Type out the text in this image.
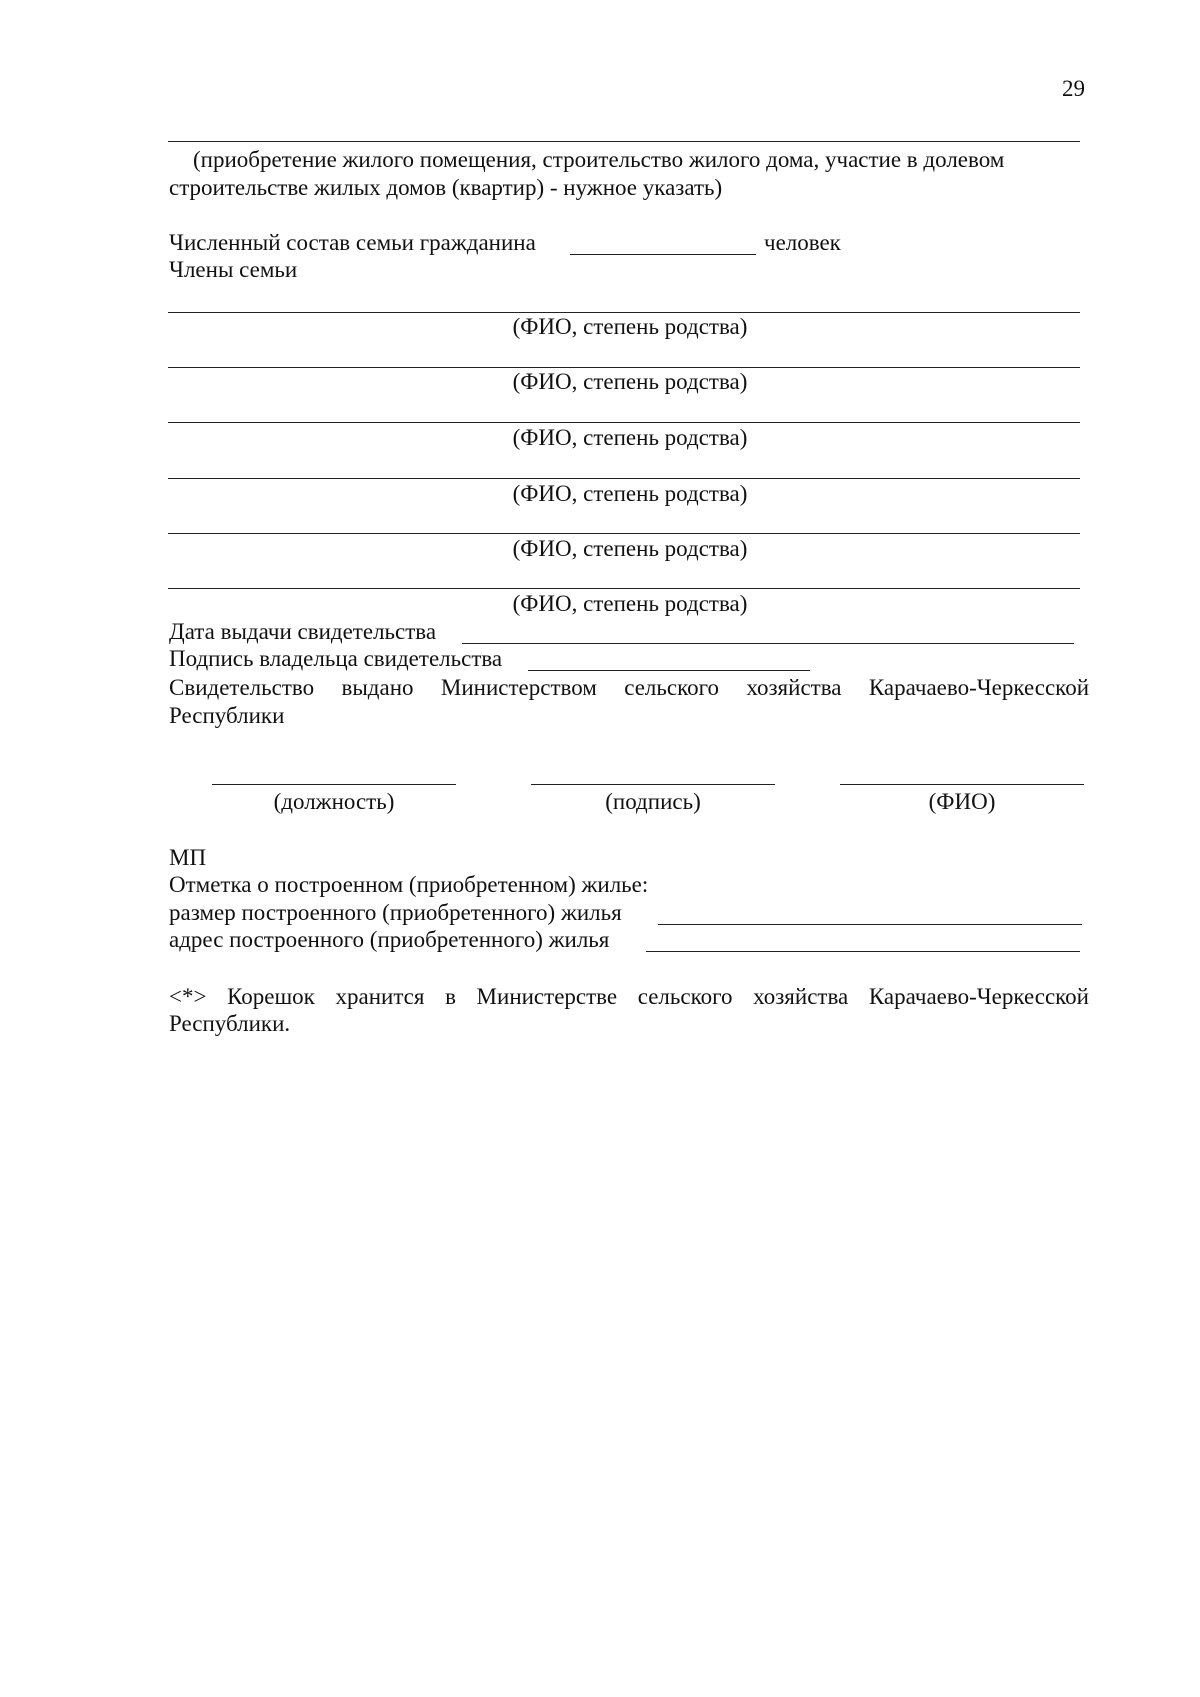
29
(приобретение жилого помещения, строительство жилого дома, участие в долевом
строительстве жилых домов (квартир) - нужное указать)
Численный состав семьи гражданина	человек
Члены семьи
(ФИО, степень родства)
(ФИО, степень родства)
(ФИО, степень родства)
(ФИО, степень родства)
(ФИО, степень родства)
(ФИО, степень родства)
Дата выдачи свидетельства
Подпись владельца свидетельства
Свидетельство выдано Министерством сельского хозяйства Карачаево-Черкесской
Республики
(должность)	(подпись)	(ФИО)
МП
Отметка о построенном (приобретенном) жилье:
размер построенного (приобретенного) жилья
адрес построенного (приобретенного) жилья
<*> Корешок хранится в Министерстве сельского хозяйства Карачаево-Черкесской
Республики.
